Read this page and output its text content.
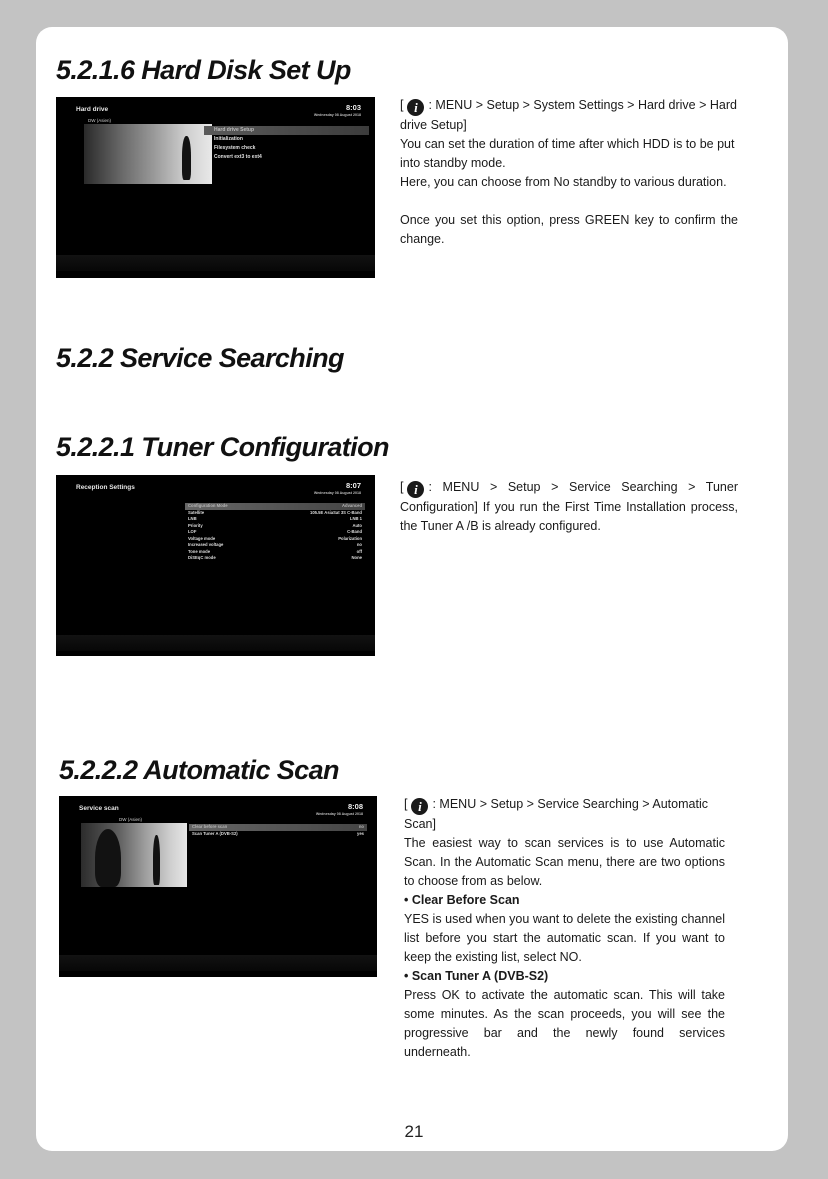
5.2.1.6 Hard Disk Set Up
Hard drive	8:03
Wednesday 08 August 2018
DW (Asien)
Hard drive Setup
Initialization
Filesystem check
Convert ext3 to ext4

[ i : MENU > Setup > System Settings > Hard drive > Hard drive Setup]

You can set the duration of time after which HDD is to be put into standby mode.

Here, you can choose from No standby to various duration.

Once you set this option, press GREEN key to confirm the change.

5.2.2 Service Searching
5.2.2.1 Tuner Configuration
Reception Settings	8:07
Wednesday 08 August 2018
Configuration Mode	Advanced
Satellite	105.5E AsiaSat 3S C-Band
LNB	LNB 1
Priority	Auto
LOF	C-Band
Voltage mode	Polarization
Increased voltage	no
Tone mode	off
DiSEqC mode	None

[ i : MENU > Setup > Service Searching > Tuner Configuration] If you run the First Time Installation process, the Tuner A /B is already configured.

5.2.2.2 Automatic Scan
Service scan	8:08
Wednesday 08 August 2018
DW (Asien)
Clear before scan	no
Scan Tuner A (DVB-S2)	yes

[ i : MENU > Setup > Service Searching > Automatic Scan]

The easiest way to scan services is to use Automatic Scan. In the Automatic Scan menu, there are two options to choose from as below.

• Clear Before Scan

YES is used when you want to delete the existing channel list before you start the automatic scan. If you want to keep the existing list, select NO.

• Scan Tuner A (DVB-S2)

Press OK to activate the automatic scan. This will take some minutes. As the scan proceeds, you will see the progressive bar and the newly found services underneath.

21
